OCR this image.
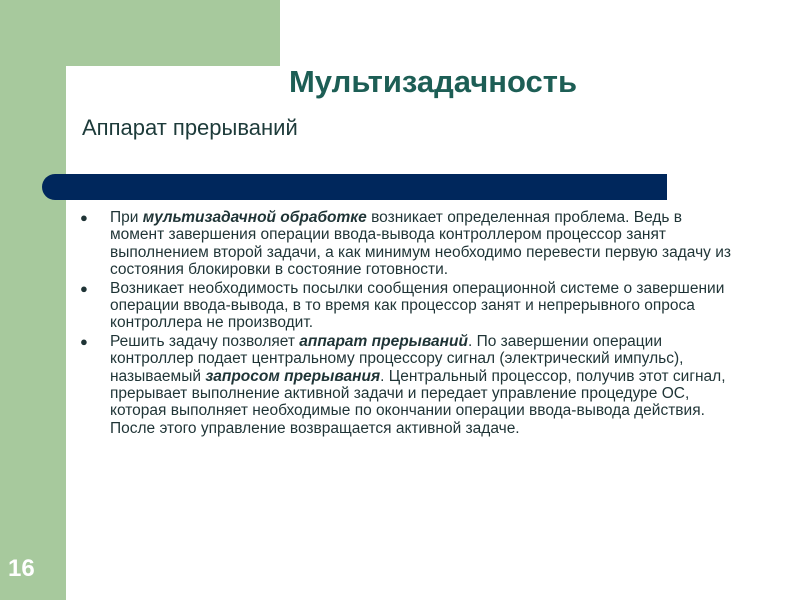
Мультизадачность

Аппарат прерываний

● При мультизадачной обработке возникает определенная проблема. Ведь в момент завершения операции ввода-вывода контроллером процессор занят выполнением второй задачи, а как минимум необходимо перевести первую задачу из состояния блокировки в состояние готовности.
● Возникает необходимость посылки сообщения операционной системе о завершении операции ввода-вывода, в то время как процессор занят и непрерывного опроса контроллера не производит.
● Решить задачу позволяет аппарат прерываний. По завершении операции контроллер подает центральному процессору сигнал (электрический импульс), называемый запросом прерывания. Центральный процессор, получив этот сигнал, прерывает выполнение активной задачи и передает управление процедуре ОС, которая выполняет необходимые по окончании операции ввода-вывода действия. После этого управление возвращается активной задаче.

16
